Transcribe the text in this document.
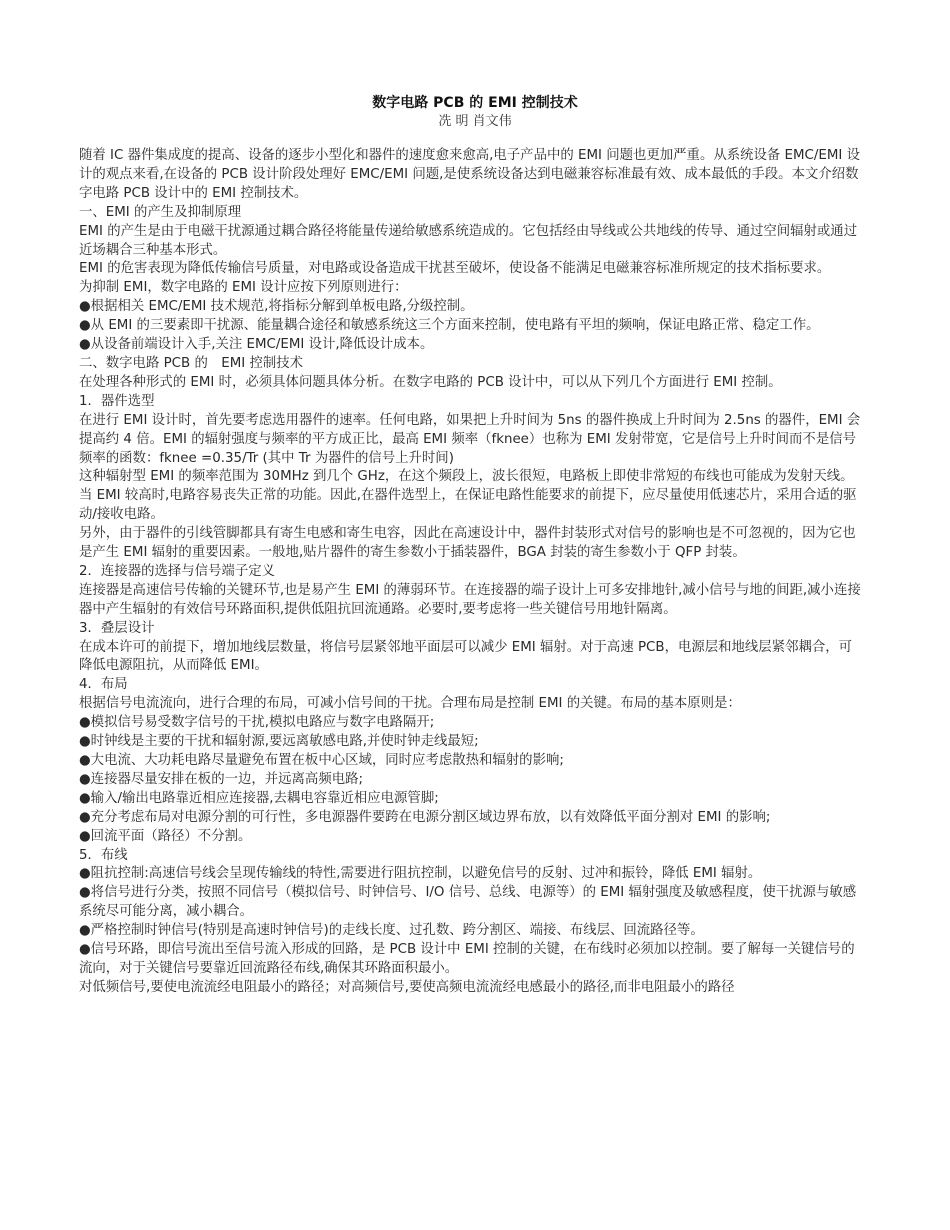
数字电路 PCB 的 EMI 控制技术
冼 明 肖文伟

随着 IC 器件集成度的提高、设备的逐步小型化和器件的速度愈来愈高,电子产品中的 EMI 问题也更加严重。从系统设备 EMC/EMI 设计的观点来看,在设备的 PCB 设计阶段处理好 EMC/EMI 问题,是使系统设备达到电磁兼容标准最有效、成本最低的手段。本文介绍数字电路 PCB 设计中的 EMI 控制技术。

一、EMI 的产生及抑制原理

EMI 的产生是由于电磁干扰源通过耦合路径将能量传递给敏感系统造成的。它包括经由导线或公共地线的传导、通过空间辐射或通过近场耦合三种基本形式。

EMI 的危害表现为降低传输信号质量，对电路或设备造成干扰甚至破坏，使设备不能满足电磁兼容标准所规定的技术指标要求。

为抑制 EMI，数字电路的 EMI 设计应按下列原则进行：

●根据相关 EMC/EMI 技术规范,将指标分解到单板电路,分级控制。

●从 EMI 的三要素即干扰源、能量耦合途径和敏感系统这三个方面来控制，使电路有平坦的频响，保证电路正常、稳定工作。

●从设备前端设计入手,关注 EMC/EMI 设计,降低设计成本。

二、数字电路 PCB 的　EMI 控制技术

在处理各种形式的 EMI 时，必须具体问题具体分析。在数字电路的 PCB 设计中，可以从下列几个方面进行 EMI 控制。

1．器件选型

在进行 EMI 设计时，首先要考虑选用器件的速率。任何电路，如果把上升时间为 5ns 的器件换成上升时间为 2.5ns 的器件，EMI 会提高约 4 倍。EMI 的辐射强度与频率的平方成正比，最高 EMI 频率（fknee）也称为 EMI 发射带宽，它是信号上升时间而不是信号频率的函数：fknee =0.35/Tr (其中 Tr 为器件的信号上升时间)

这种辐射型 EMI 的频率范围为 30MHz 到几个 GHz，在这个频段上，波长很短，电路板上即使非常短的布线也可能成为发射天线。当 EMI 较高时,电路容易丧失正常的功能。因此,在器件选型上，在保证电路性能要求的前提下，应尽量使用低速芯片，采用合适的驱动/接收电路。

另外，由于器件的引线管脚都具有寄生电感和寄生电容，因此在高速设计中，器件封装形式对信号的影响也是不可忽视的，因为它也是产生 EMI 辐射的重要因素。一般地,贴片器件的寄生参数小于插装器件，BGA 封装的寄生参数小于 QFP 封装。

2．连接器的选择与信号端子定义

连接器是高速信号传输的关键环节,也是易产生 EMI 的薄弱环节。在连接器的端子设计上可多安排地针,减小信号与地的间距,减小连接器中产生辐射的有效信号环路面积,提供低阻抗回流通路。必要时,要考虑将一些关键信号用地针隔离。

3．叠层设计

在成本许可的前提下，增加地线层数量，将信号层紧邻地平面层可以减少 EMI 辐射。对于高速 PCB，电源层和地线层紧邻耦合，可降低电源阻抗，从而降低 EMI。

4．布局

根据信号电流流向，进行合理的布局，可减小信号间的干扰。合理布局是控制 EMI 的关键。布局的基本原则是：

●模拟信号易受数字信号的干扰,模拟电路应与数字电路隔开;

●时钟线是主要的干扰和辐射源,要远离敏感电路,并使时钟走线最短;

●大电流、大功耗电路尽量避免布置在板中心区域，同时应考虑散热和辐射的影响;

●连接器尽量安排在板的一边，并远离高频电路;

●输入/输出电路靠近相应连接器,去耦电容靠近相应电源管脚;

●充分考虑布局对电源分割的可行性，多电源器件要跨在电源分割区域边界布放，以有效降低平面分割对 EMI 的影响;

●回流平面（路径）不分割。

5．布线

●阻抗控制:高速信号线会呈现传输线的特性,需要进行阻抗控制，以避免信号的反射、过冲和振铃，降低 EMI 辐射。

●将信号进行分类，按照不同信号（模拟信号、时钟信号、I/O 信号、总线、电源等）的 EMI 辐射强度及敏感程度，使干扰源与敏感系统尽可能分离，减小耦合。

●严格控制时钟信号(特别是高速时钟信号)的走线长度、过孔数、跨分割区、端接、布线层、回流路径等。

●信号环路，即信号流出至信号流入形成的回路，是 PCB 设计中 EMI 控制的关键，在布线时必须加以控制。要了解每一关键信号的流向，对于关键信号要靠近回流路径布线,确保其环路面积最小。

对低频信号,要使电流流经电阻最小的路径；对高频信号,要使高频电流流经电感最小的路径,而非电阻最小的路径
